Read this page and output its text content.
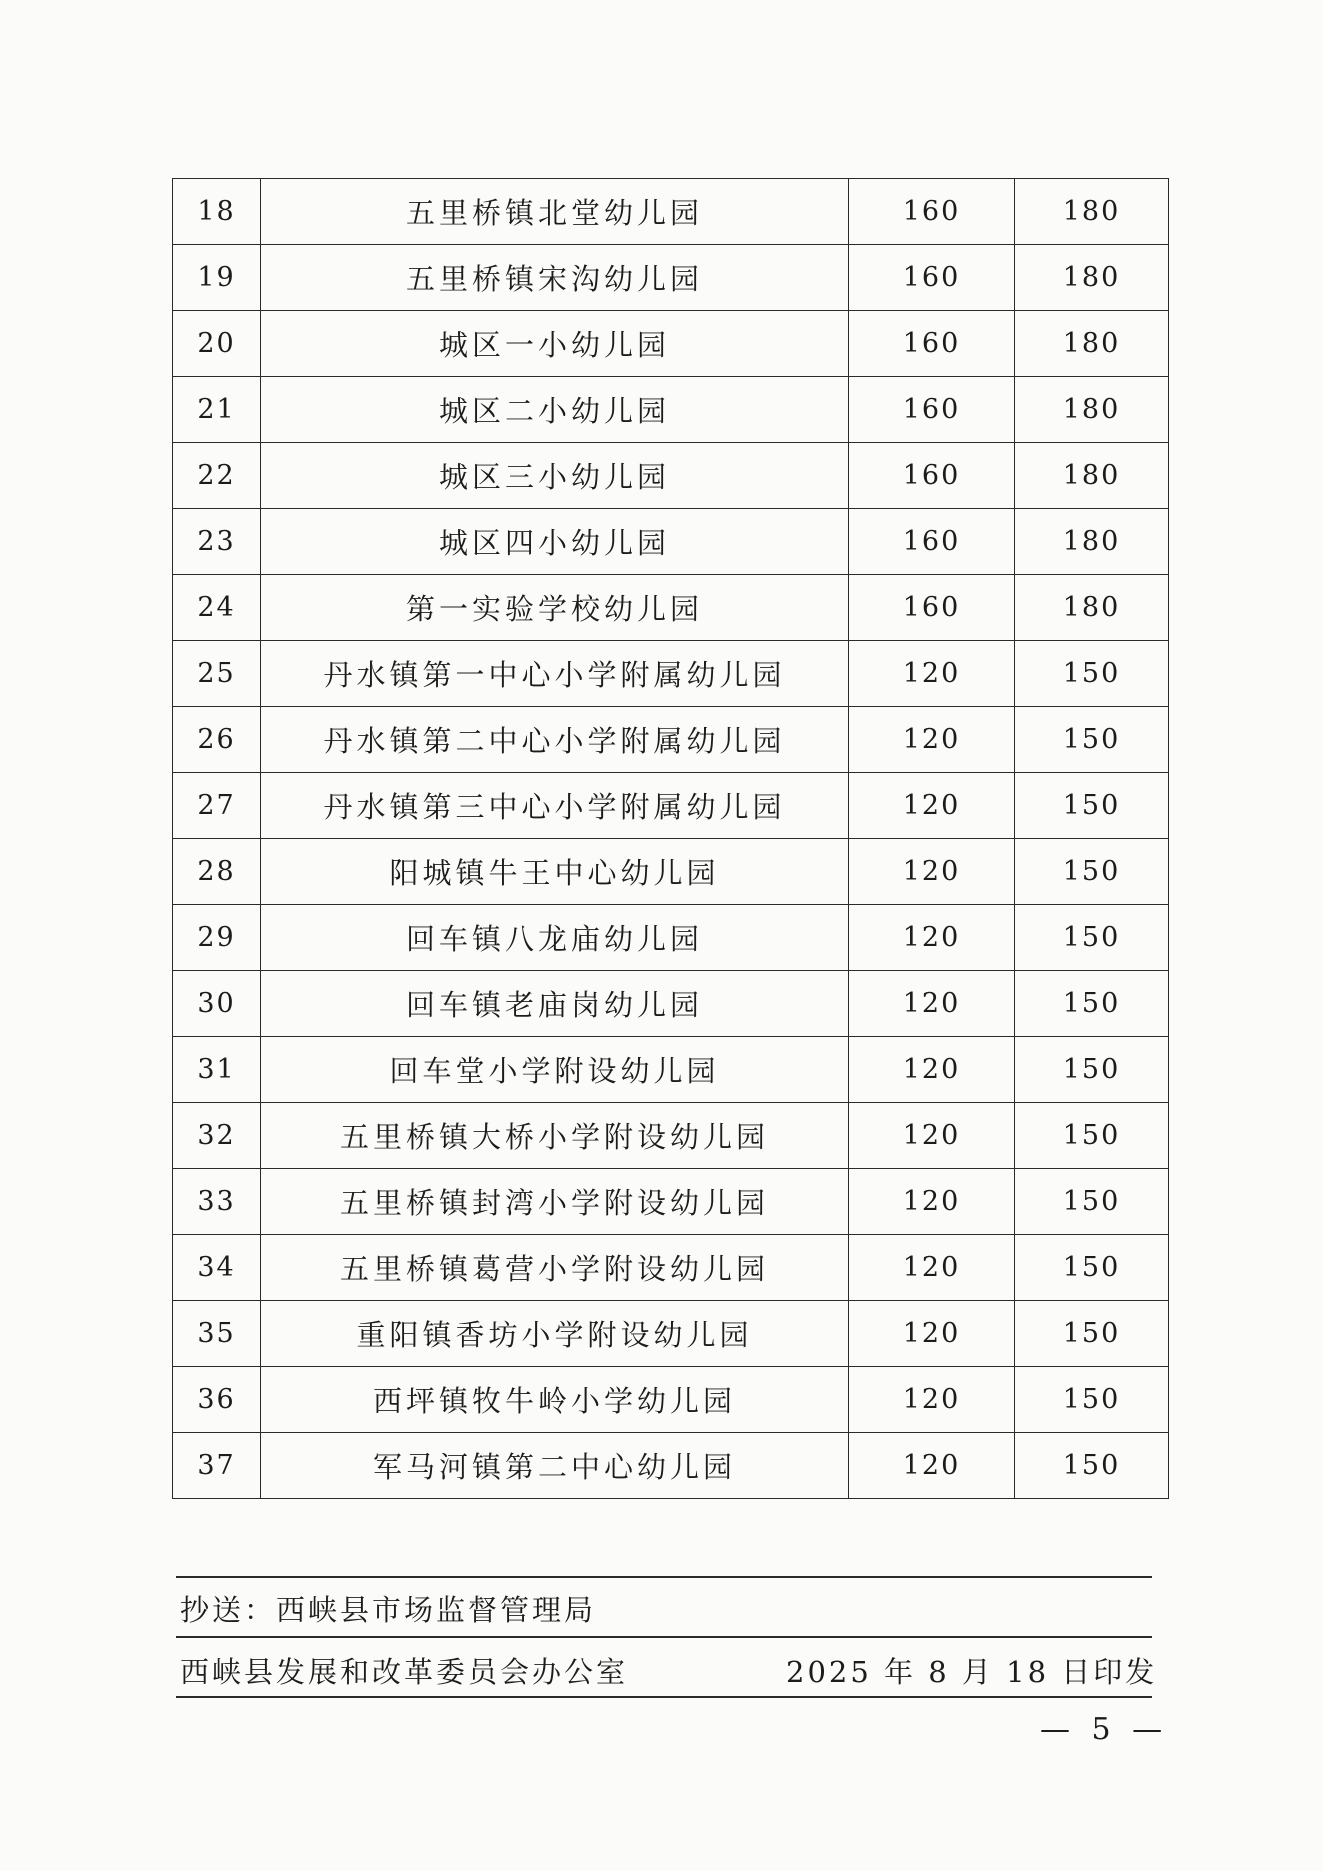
18	五里桥镇北堂幼儿园	160	180
19	五里桥镇宋沟幼儿园	160	180
20	城区一小幼儿园	160	180
21	城区二小幼儿园	160	180
22	城区三小幼儿园	160	180
23	城区四小幼儿园	160	180
24	第一实验学校幼儿园	160	180
25	丹水镇第一中心小学附属幼儿园	120	150
26	丹水镇第二中心小学附属幼儿园	120	150
27	丹水镇第三中心小学附属幼儿园	120	150
28	阳城镇牛王中心幼儿园	120	150
29	回车镇八龙庙幼儿园	120	150
30	回车镇老庙岗幼儿园	120	150
31	回车堂小学附设幼儿园	120	150
32	五里桥镇大桥小学附设幼儿园	120	150
33	五里桥镇封湾小学附设幼儿园	120	150
34	五里桥镇葛营小学附设幼儿园	120	150
35	重阳镇香坊小学附设幼儿园	120	150
36	西坪镇牧牛岭小学幼儿园	120	150
37	军马河镇第二中心幼儿园	120	150
抄送：西峡县市场监督管理局
西峡县发展和改革委员会办公室	2025 年 8 月 18 日印发
— 5 —
